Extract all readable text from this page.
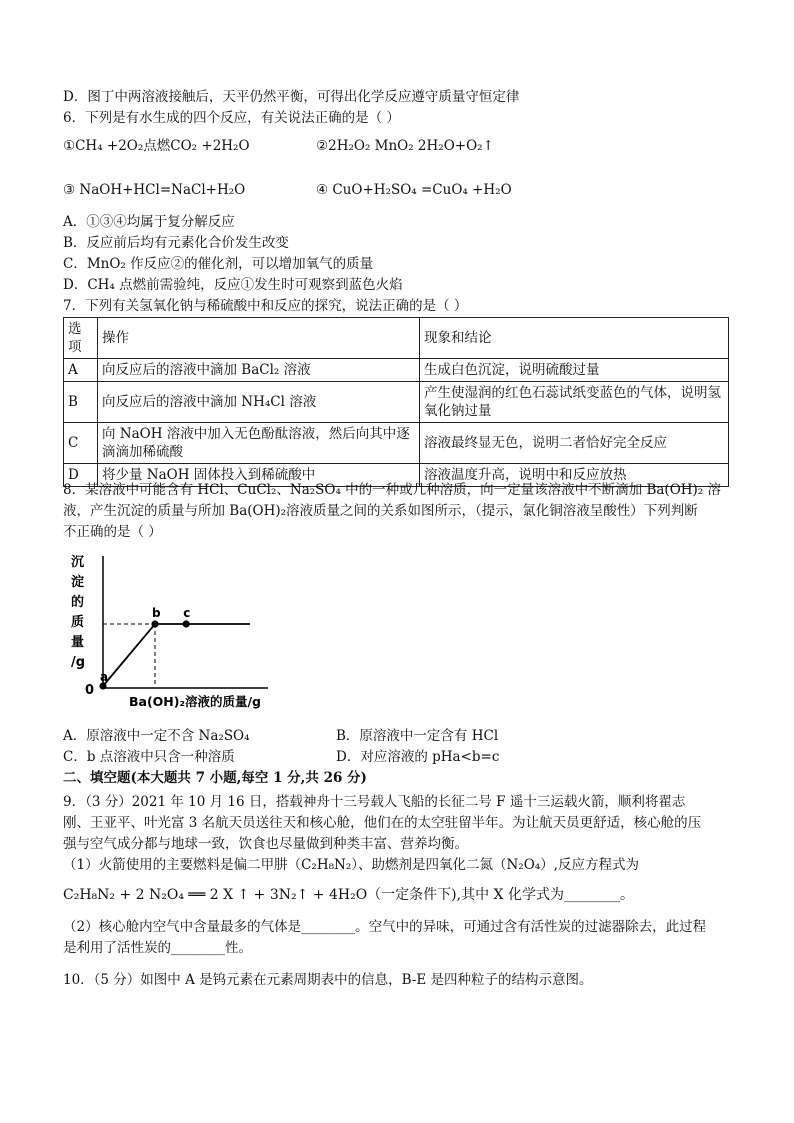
D．图丁中两溶液接触后，天平仍然平衡，可得出化学反应遵守质量守恒定律
6．下列是有水生成的四个反应，有关说法正确的是（ ）
①CH₄ +2O₂点燃CO₂ +2H₂O	②2H₂O₂ MnO₂ 2H₂O+O₂↑
③ NaOH+HCl=NaCl+H₂O	④ CuO+H₂SO₄ =CuO₄ +H₂O
A．①③④均属于复分解反应
B．反应前后均有元素化合价发生改变
C．MnO₂ 作反应②的催化剂，可以增加氧气的质量
D．CH₄ 点燃前需验纯，反应①发生时可观察到蓝色火焰
7．下列有关氢氧化钠与稀硫酸中和反应的探究，说法正确的是（ ）
选项	操作	现象和结论
A	向反应后的溶液中滴加 BaCl₂ 溶液	生成白色沉淀，说明硫酸过量
B	向反应后的溶液中滴加 NH₄Cl 溶液	产生使湿润的红色石蕊试纸变蓝色的气体，说明氢氧化钠过量
C	向 NaOH 溶液中加入无色酚酞溶液，然后向其中逐滴滴加稀硫酸	溶液最终显无色，说明二者恰好完全反应
D	将少量 NaOH 固体投入到稀硫酸中	溶液温度升高，说明中和反应放热
8．某溶液中可能含有 HCl、CuCl₂、Na₂SO₄ 中的一种或几种溶质，向一定量该溶液中不断滴加 Ba(OH)₂ 溶
液，产生沉淀的质量与所加 Ba(OH)₂溶液质量之间的关系如图所示，（提示，氯化铜溶液呈酸性）下列判断
不正确的是（ ）
沉
淀
的
质
量
/g
0
a
b c
Ba(OH)₂溶液的质量/g
A．原溶液中一定不含 Na₂SO₄	B．原溶液中一定含有 HCl
C．b 点溶液中只含一种溶质	D．对应溶液的 pHa<b=c
二、填空题(本大题共 7 小题,每空 1 分,共 26 分)
9．（3 分）2021 年 10 月 16 日，搭载神舟十三号载人飞船的长征二号 F 遥十三运载火箭，顺利将翟志
刚、王亚平、叶光富 3 名航天员送往天和核心舱，他们在的太空驻留半年。为让航天员更舒适，核心舱的压
强与空气成分都与地球一致，饮食也尽量做到种类丰富、营养均衡。
（1）火箭使用的主要燃料是偏二甲肼（C₂H₈N₂）、助燃剂是四氧化二氮（N₂O₄）,反应方程式为
C₂H₈N₂ + 2 N₂O₄ ══ 2 X ↑ + 3N₂↑ + 4H₂O（一定条件下),其中 X 化学式为________。
（2）核心舱内空气中含量最多的气体是________。空气中的异味，可通过含有活性炭的过滤器除去，此过程
是利用了活性炭的________性。
10．（5 分）如图中 A 是钨元素在元素周期表中的信息，B-E 是四种粒子的结构示意图。
